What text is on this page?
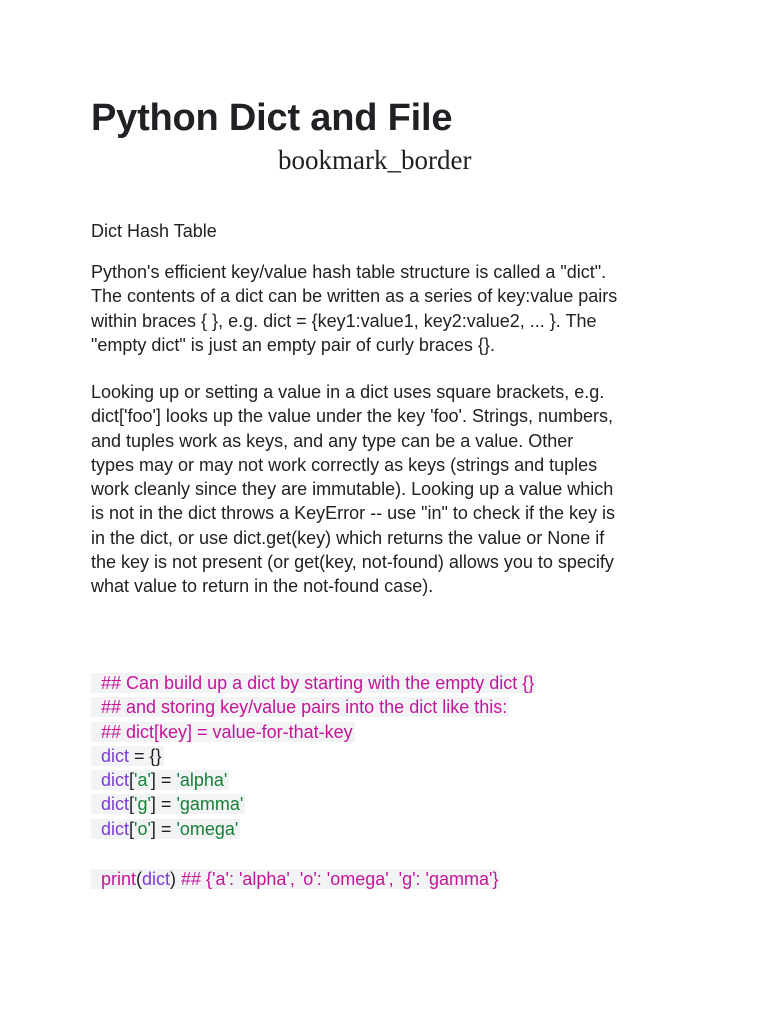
Python Dict and File
bookmark_border
Dict Hash Table

Python's efficient key/value hash table structure is called a "dict".
The contents of a dict can be written as a series of key:value pairs
within braces { }, e.g. dict = {key1:value1, key2:value2, ... }. The
"empty dict" is just an empty pair of curly braces {}.

Looking up or setting a value in a dict uses square brackets, e.g.
dict['foo'] looks up the value under the key 'foo'. Strings, numbers,
and tuples work as keys, and any type can be a value. Other
types may or may not work correctly as keys (strings and tuples
work cleanly since they are immutable). Looking up a value which
is not in the dict throws a KeyError -- use "in" to check if the key is
in the dict, or use dict.get(key) which returns the value or None if
the key is not present (or get(key, not-found) allows you to specify
what value to return in the not-found case).

## Can build up a dict by starting with the empty dict {}
## and storing key/value pairs into the dict like this:
## dict[key] = value-for-that-key
dict = {}
dict['a'] = 'alpha'
dict['g'] = 'gamma'
dict['o'] = 'omega'
print(dict) ## {'a': 'alpha', 'o': 'omega', 'g': 'gamma'}
